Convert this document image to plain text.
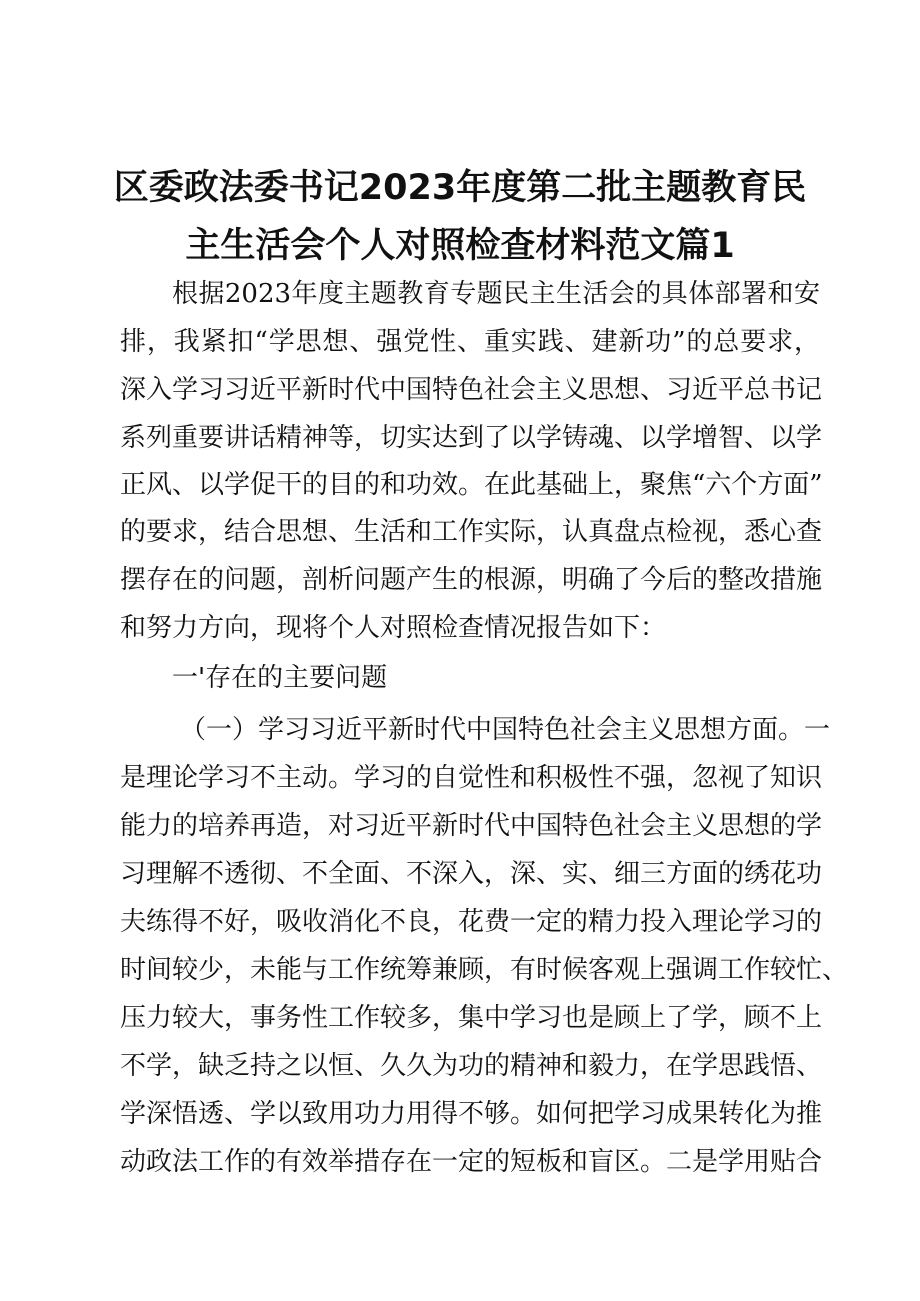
区委政法委书记2023年度第二批主题教育民
主生活会个人对照检查材料范文篇1
根据2023年度主题教育专题民主生活会的具体部署和安
排，我紧扣“学思想、强党性、重实践、建新功”的总要求，
深入学习习近平新时代中国特色社会主义思想、习近平总书记
系列重要讲话精神等，切实达到了以学铸魂、以学增智、以学
正风、以学促干的目的和功效。在此基础上，聚焦“六个方面”
的要求，结合思想、生活和工作实际，认真盘点检视，悉心查
摆存在的问题，剖析问题产生的根源，明确了今后的整改措施
和努力方向，现将个人对照检查情况报告如下：
一'存在的主要问题
（一）学习习近平新时代中国特色社会主义思想方面。一
是理论学习不主动。学习的自觉性和积极性不强，忽视了知识
能力的培养再造，对习近平新时代中国特色社会主义思想的学
习理解不透彻、不全面、不深入，深、实、细三方面的绣花功
夫练得不好，吸收消化不良，花费一定的精力投入理论学习的
时间较少，未能与工作统筹兼顾，有时候客观上强调工作较忙、
压力较大，事务性工作较多，集中学习也是顾上了学，顾不上
不学，缺乏持之以恒、久久为功的精神和毅力，在学思践悟、
学深悟透、学以致用功力用得不够。如何把学习成果转化为推
动政法工作的有效举措存在一定的短板和盲区。二是学用贴合
